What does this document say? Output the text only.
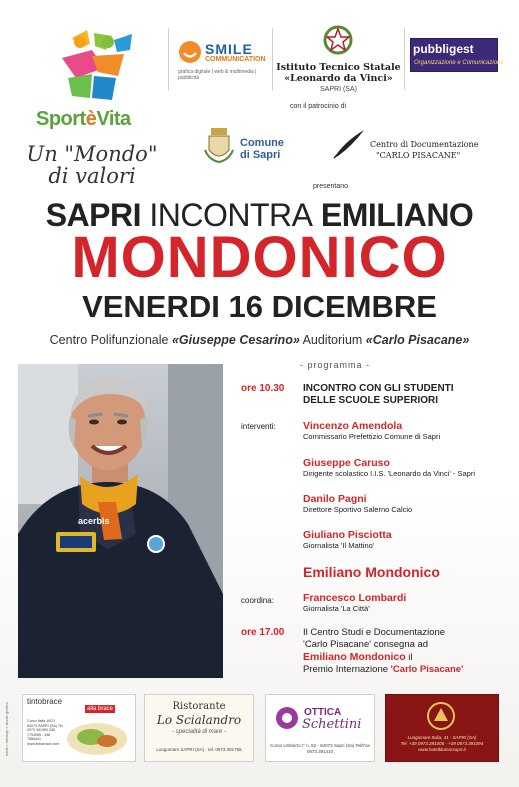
SportèVita
Un "Mondo"
di valori
SMILE
COMMUNICATION
grafica digitale | web & multimedia | pubblicità
Istituto Tecnico Statale
«Leonardo da Vinci»
SAPRI (SA)
pubbligest
Organizzazione e Comunicazione
con il patrocinio di
Comune
di Sapri
Centro di Documentazione
"CARLO PISACANE"
presentano
SAPRI INCONTRA EMILIANO
MONDONICO
VENERDI 16 DICEMBRE
Centro Polifunzionale «Giuseppe Cesarino» Auditorium «Carlo Pisacane»
- programma -
acerbis
ore 10.30 INCONTRO CON GLI STUDENTI
DELLE SCUOLE SUPERIORI
interventi:	Vincenzo Amendola
Commissario Prefettizio Comune di Sapri
Giuseppe Caruso
Dirigente scolastico I.I.S. 'Leonardo da Vinci' - Sapri
Danilo Pagni
Direttore Sportivo Salerno Calcio
Giuliano Pisciotta
Giornalista 'Il Mattino'
Emiliano Mondonico
coordina:	Francesco Lombardi
Giornalista 'La Città'
ore 17.00 Il Centro Studi e Documentazione
'Carlo Pisacane' consegna ad
Emiliano Mondonico il
Premio Internazione 'Carlo Pisacane'
smile • sitemap • studio grafico
tintobrace
alla brace
Corso Italia 19/21 84073 SAPRI (SA) Tel. 0973 391960 338 7754955 - 348 7866441 www.tintobrace.com
Ristorante
Lo Scialandro
- specialità di mare -
Lungomare SAPRI (SA) · tel. 0973.391765
OTTICA
Schettini
Corso Umberto I° n. 82 - 84073 Sapri (Sa) Tel/Fax 0973.391410
Lungomare Italia, 41 - SAPRI (SA)
Tel. +39 0973.391006 - +39 0973.391094
www.hotelblumarsapri.it
